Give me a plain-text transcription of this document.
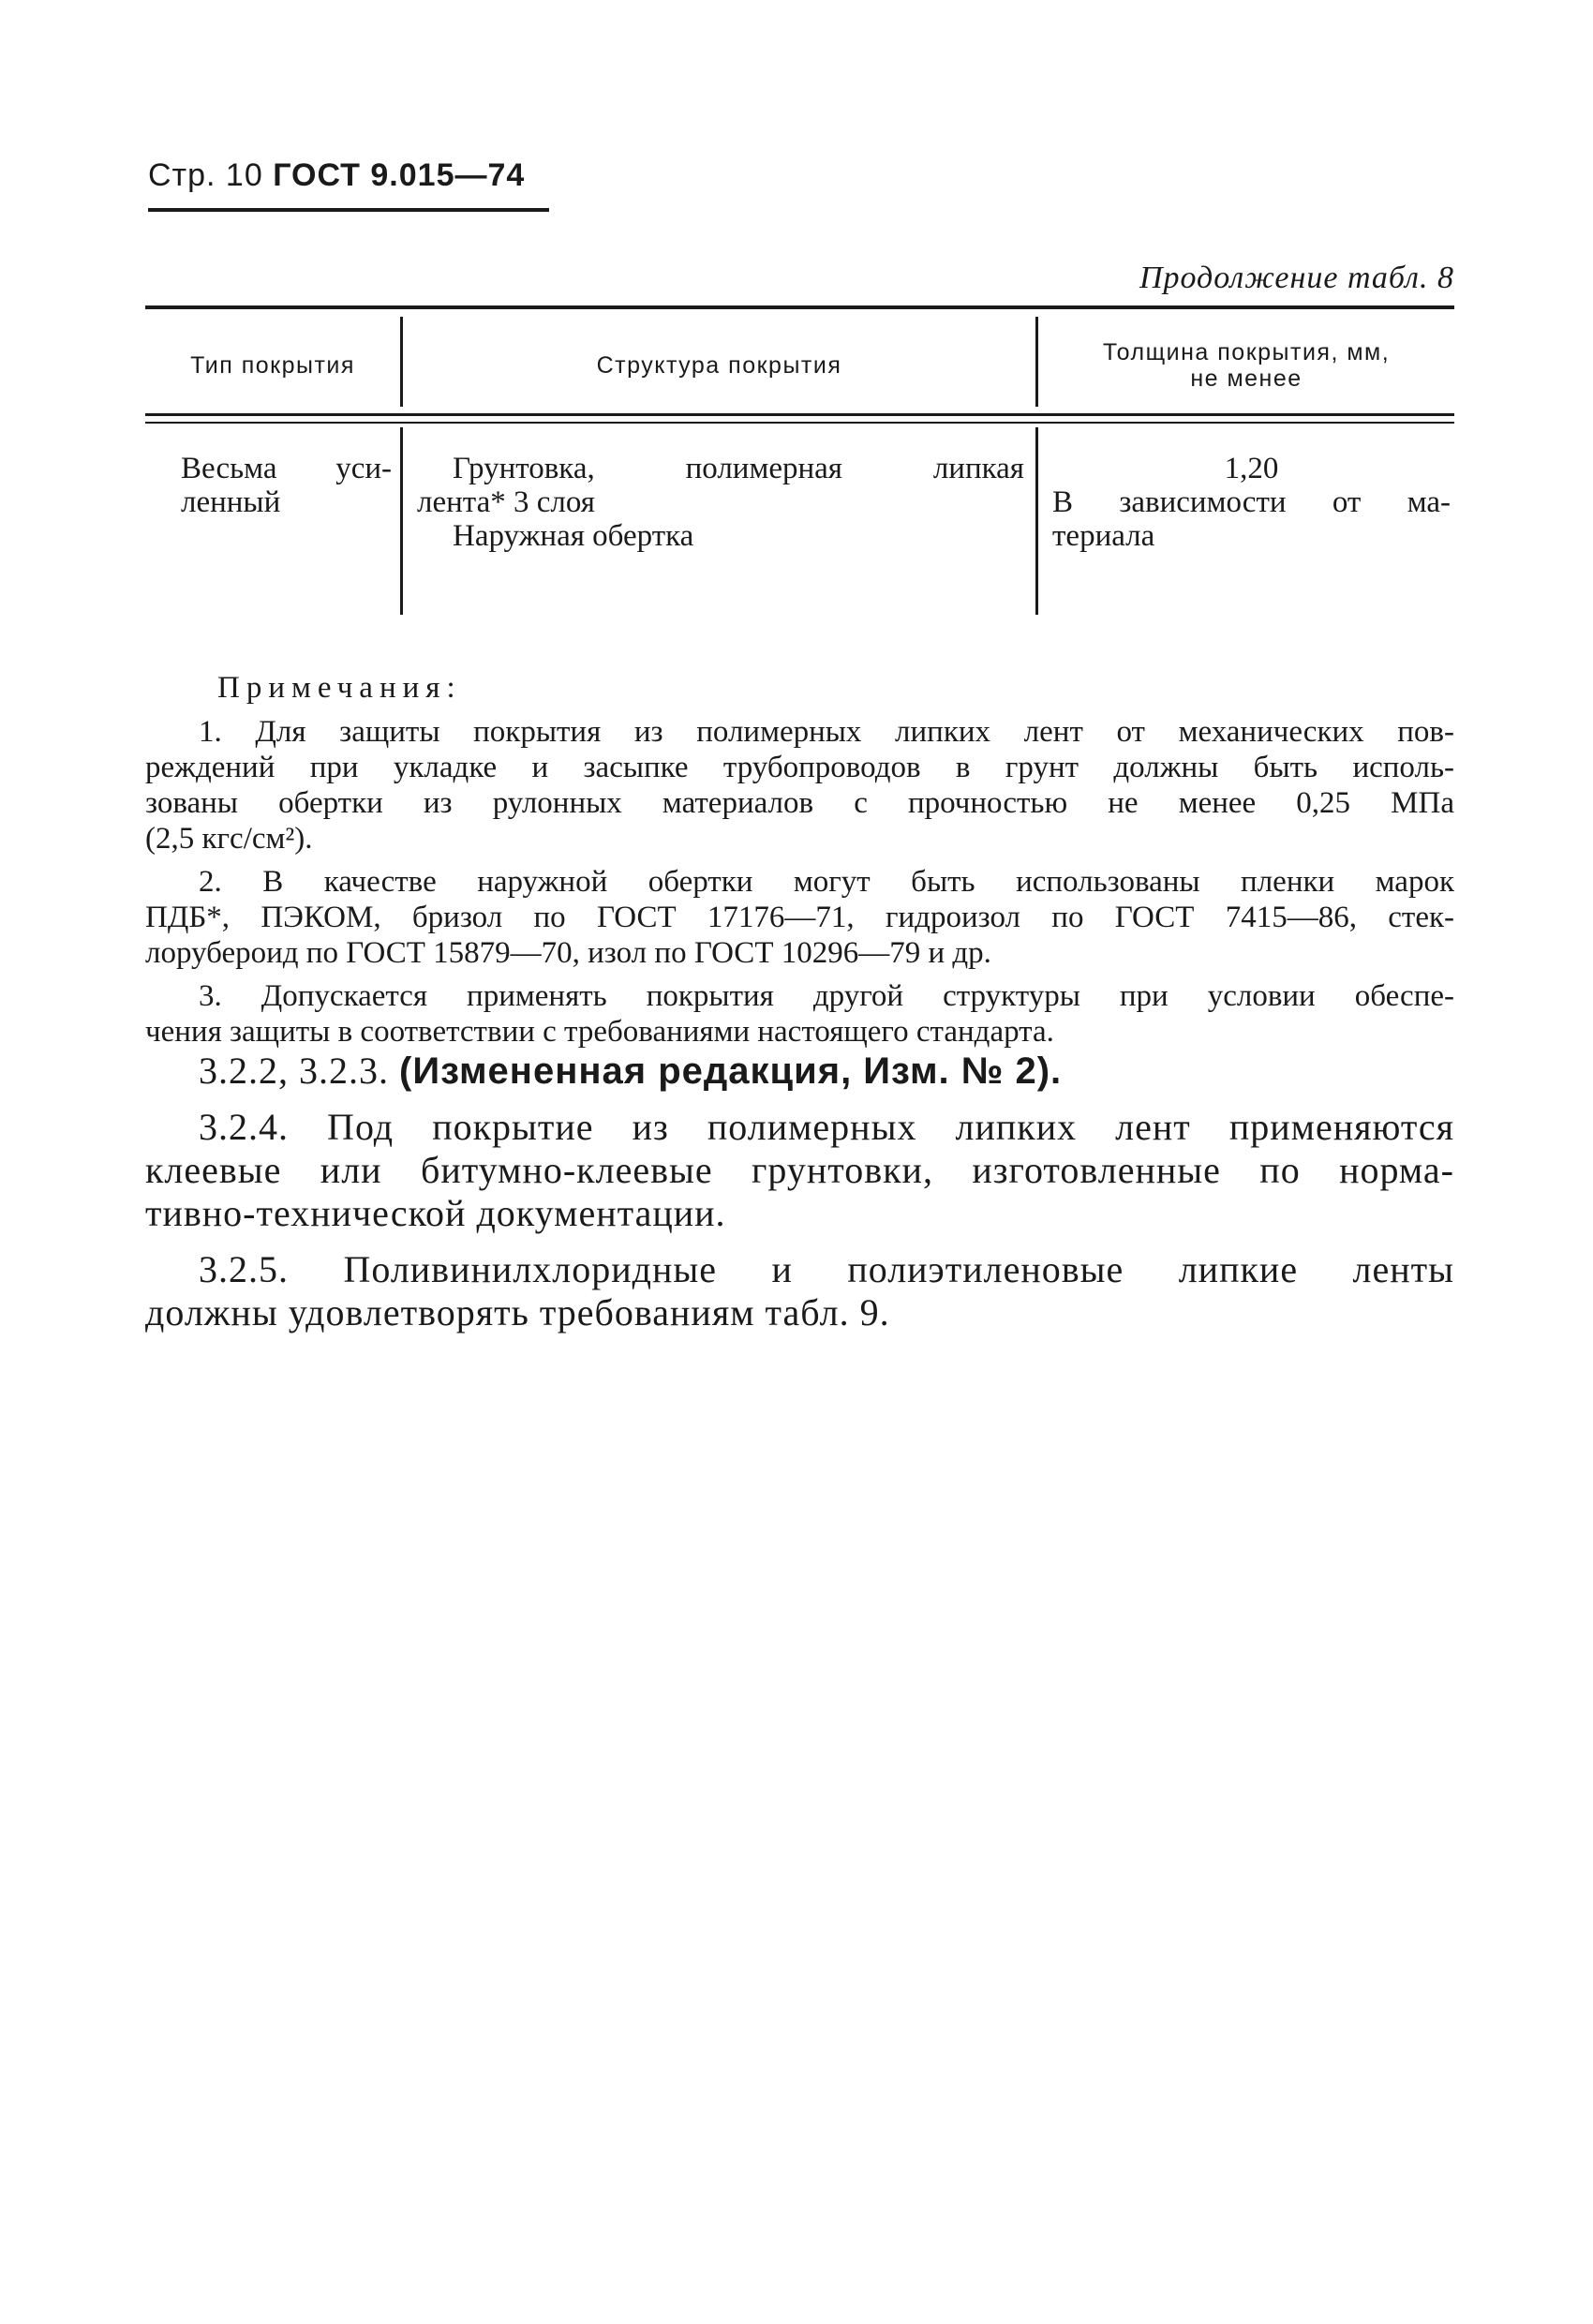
Стр. 10 ГОСТ 9.015—74
Продолжение табл. 8
Тип покрытия	Структура покрытия	Толщина покрытия, мм,
не менее
Весьма уси-
ленный
Грунтовка, полимерная липкая
лента* 3 слоя
Наружная обертка
1,20
В зависимости от ма-
териала
Примечания:
1. Для защиты покрытия из полимерных липких лент от механических пов-
реждений при укладке и засыпке трубопроводов в грунт должны быть исполь-
зованы обертки из рулонных материалов с прочностью не менее 0,25 МПа
(2,5 кгс/см²).
2. В качестве наружной обертки могут быть использованы пленки марок
ПДБ*, ПЭКОМ, бризол по ГОСТ 17176—71, гидроизол по ГОСТ 7415—86, стек-
лоруберoид по ГОСТ 15879—70, изол по ГОСТ 10296—79 и др.
3. Допускается применять покрытия другой структуры при условии обеспе-
чения защиты в соответствии с требованиями настоящего стандарта.
3.2.2, 3.2.3. (Измененная редакция, Изм. № 2).
3.2.4. Под покрытие из полимерных липких лент применяются
клеевые или битумно-клеевые грунтовки, изготовленные по норма-
тивно-технической документации.
3.2.5. Поливинилхлоридные и полиэтиленовые липкие ленты
должны удовлетворять требованиям табл. 9.
